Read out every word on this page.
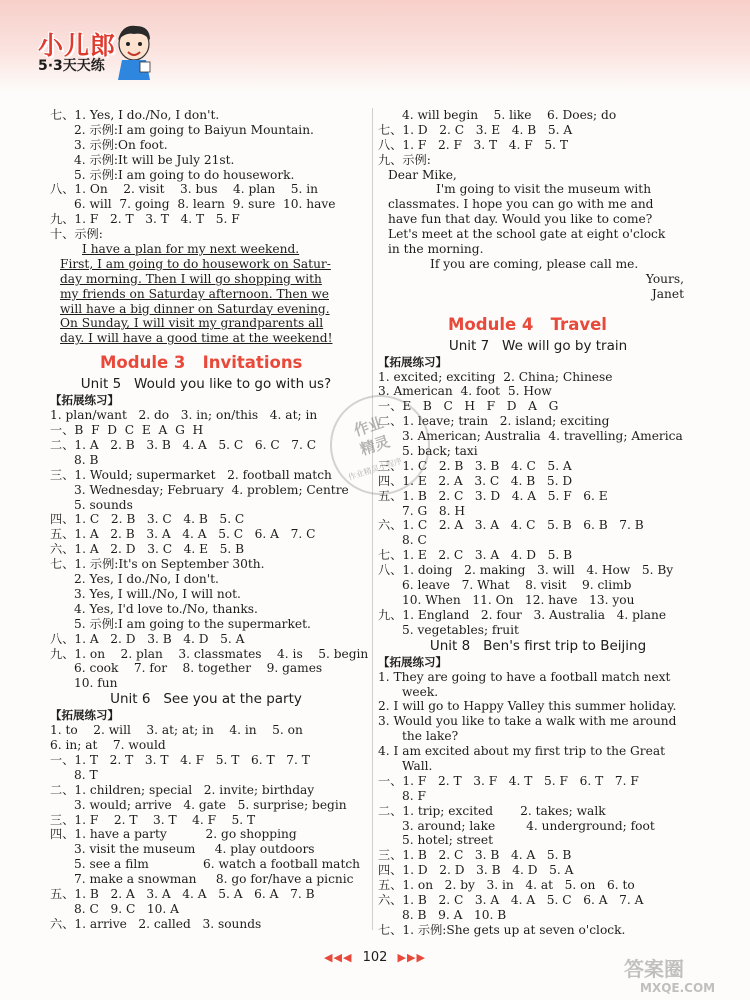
小儿郎
5·3天天练
七、1. Yes, I do./No, I don't.
2. 示例:I am going to Baiyun Mountain.
3. 示例:On foot.
4. 示例:It will be July 21st.
5. 示例:I am going to do housework.
八、1. On    2. visit    3. bus    4. plan    5. in
6. will  7. going  8. learn  9. sure  10. have
九、1. F   2. T   3. T   4. T   5. F
十、示例:
I have a plan for my next weekend.
First, I am going to do housework on Satur-
day morning. Then I will go shopping with
my friends on Saturday afternoon. Then we
will have a big dinner on Saturday evening.
On Sunday, I will visit my grandparents all
day. I will have a good time at the weekend!
Module 3   Invitations
Unit 5   Would you like to go with us?
【拓展练习】
1. plan/want   2. do   3. in; on/this   4. at; in
一、B  F  D  C  E  A  G  H
二、1. A   2. B   3. B   4. A   5. C   6. C   7. C
8. B
三、1. Would; supermarket   2. football match
3. Wednesday; February  4. problem; Centre
5. sounds
四、1. C   2. B   3. C   4. B   5. C
五、1. A   2. B   3. A   4. A   5. C   6. A   7. C
六、1. A   2. D   3. C   4. E   5. B
七、1. 示例:It's on September 30th.
2. Yes, I do./No, I don't.
3. Yes, I will./No, I will not.
4. Yes, I'd love to./No, thanks.
5. 示例:I am going to the supermarket.
八、1. A   2. D   3. B   4. D   5. A
九、1. on    2. plan    3. classmates    4. is    5. begin
6. cook    7. for    8. together    9. games
10. fun
Unit 6   See you at the party
【拓展练习】
1. to    2. will    3. at; at; in    4. in    5. on
6. in; at    7. would
一、1. T   2. T   3. T   4. F   5. T   6. T   7. T
8. T
二、1. children; special   2. invite; birthday
3. would; arrive   4. gate   5. surprise; begin
三、1. F    2. T    3. T    4. F    5. T
四、1. have a party          2. go shopping
3. visit the museum     4. play outdoors
5. see a film              6. watch a football match
7. make a snowman     8. go for/have a picnic
五、1. B   2. A   3. A   4. A   5. A   6. A   7. B
8. C   9. C   10. A
六、1. arrive   2. called   3. sounds
4. will begin    5. like    6. Does; do
七、1. D   2. C   3. E   4. B   5. A
八、1. F   2. F   3. T   4. F   5. T
九、示例:
Dear Mike,
I'm going to visit the museum with
classmates. I hope you can go with me and
have fun that day. Would you like to come?
Let's meet at the school gate at eight o'clock
in the morning.
If you are coming, please call me.
Yours,
Janet
Module 4   Travel
Unit 7   We will go by train
【拓展练习】
1. excited; exciting  2. China; Chinese
3. American  4. foot  5. How
一、E   B   C   H   F   D   A   G
二、1. leave; train   2. island; exciting
3. American; Australia  4. travelling; America
5. back; taxi
三、1. C   2. B   3. B   4. C   5. A
四、1. E   2. A   3. C   4. B   5. D
五、1. B   2. C   3. D   4. A   5. F   6. E
7. G   8. H
六、1. C   2. A   3. A   4. C   5. B   6. B   7. B
8. C
七、1. E   2. C   3. A   4. D   5. B
八、1. doing   2. making   3. will   4. How   5. By
6. leave   7. What    8. visit    9. climb
10. When   11. On   12. have   13. you
九、1. England   2. four   3. Australia   4. plane
5. vegetables; fruit
Unit 8   Ben's first trip to Beijing
【拓展练习】
1. They are going to have a football match next
week.
2. I will go to Happy Valley this summer holiday.
3. Would you like to take a walk with me around
the lake?
4. I am excited about my first trip to the Great
Wall.
一、1. F   2. T   3. F   4. T   5. F   6. T   7. F
8. F
二、1. trip; excited       2. takes; walk
3. around; lake        4. underground; foot
5. hotel; street
三、1. B   2. C   3. B   4. A   5. B
四、1. D   2. D   3. B   4. D   5. A
五、1. on   2. by   3. in   4. at   5. on   6. to
六、1. B   2. C   3. A   4. A   5. C   6. A   7. A
8. B   9. A   10. B
七、1. 示例:She gets up at seven o'clock.
作业
精灵
作业精灵小程序
◀◀◀ 102 ▶▶▶	答案圈
MXQE.COM
